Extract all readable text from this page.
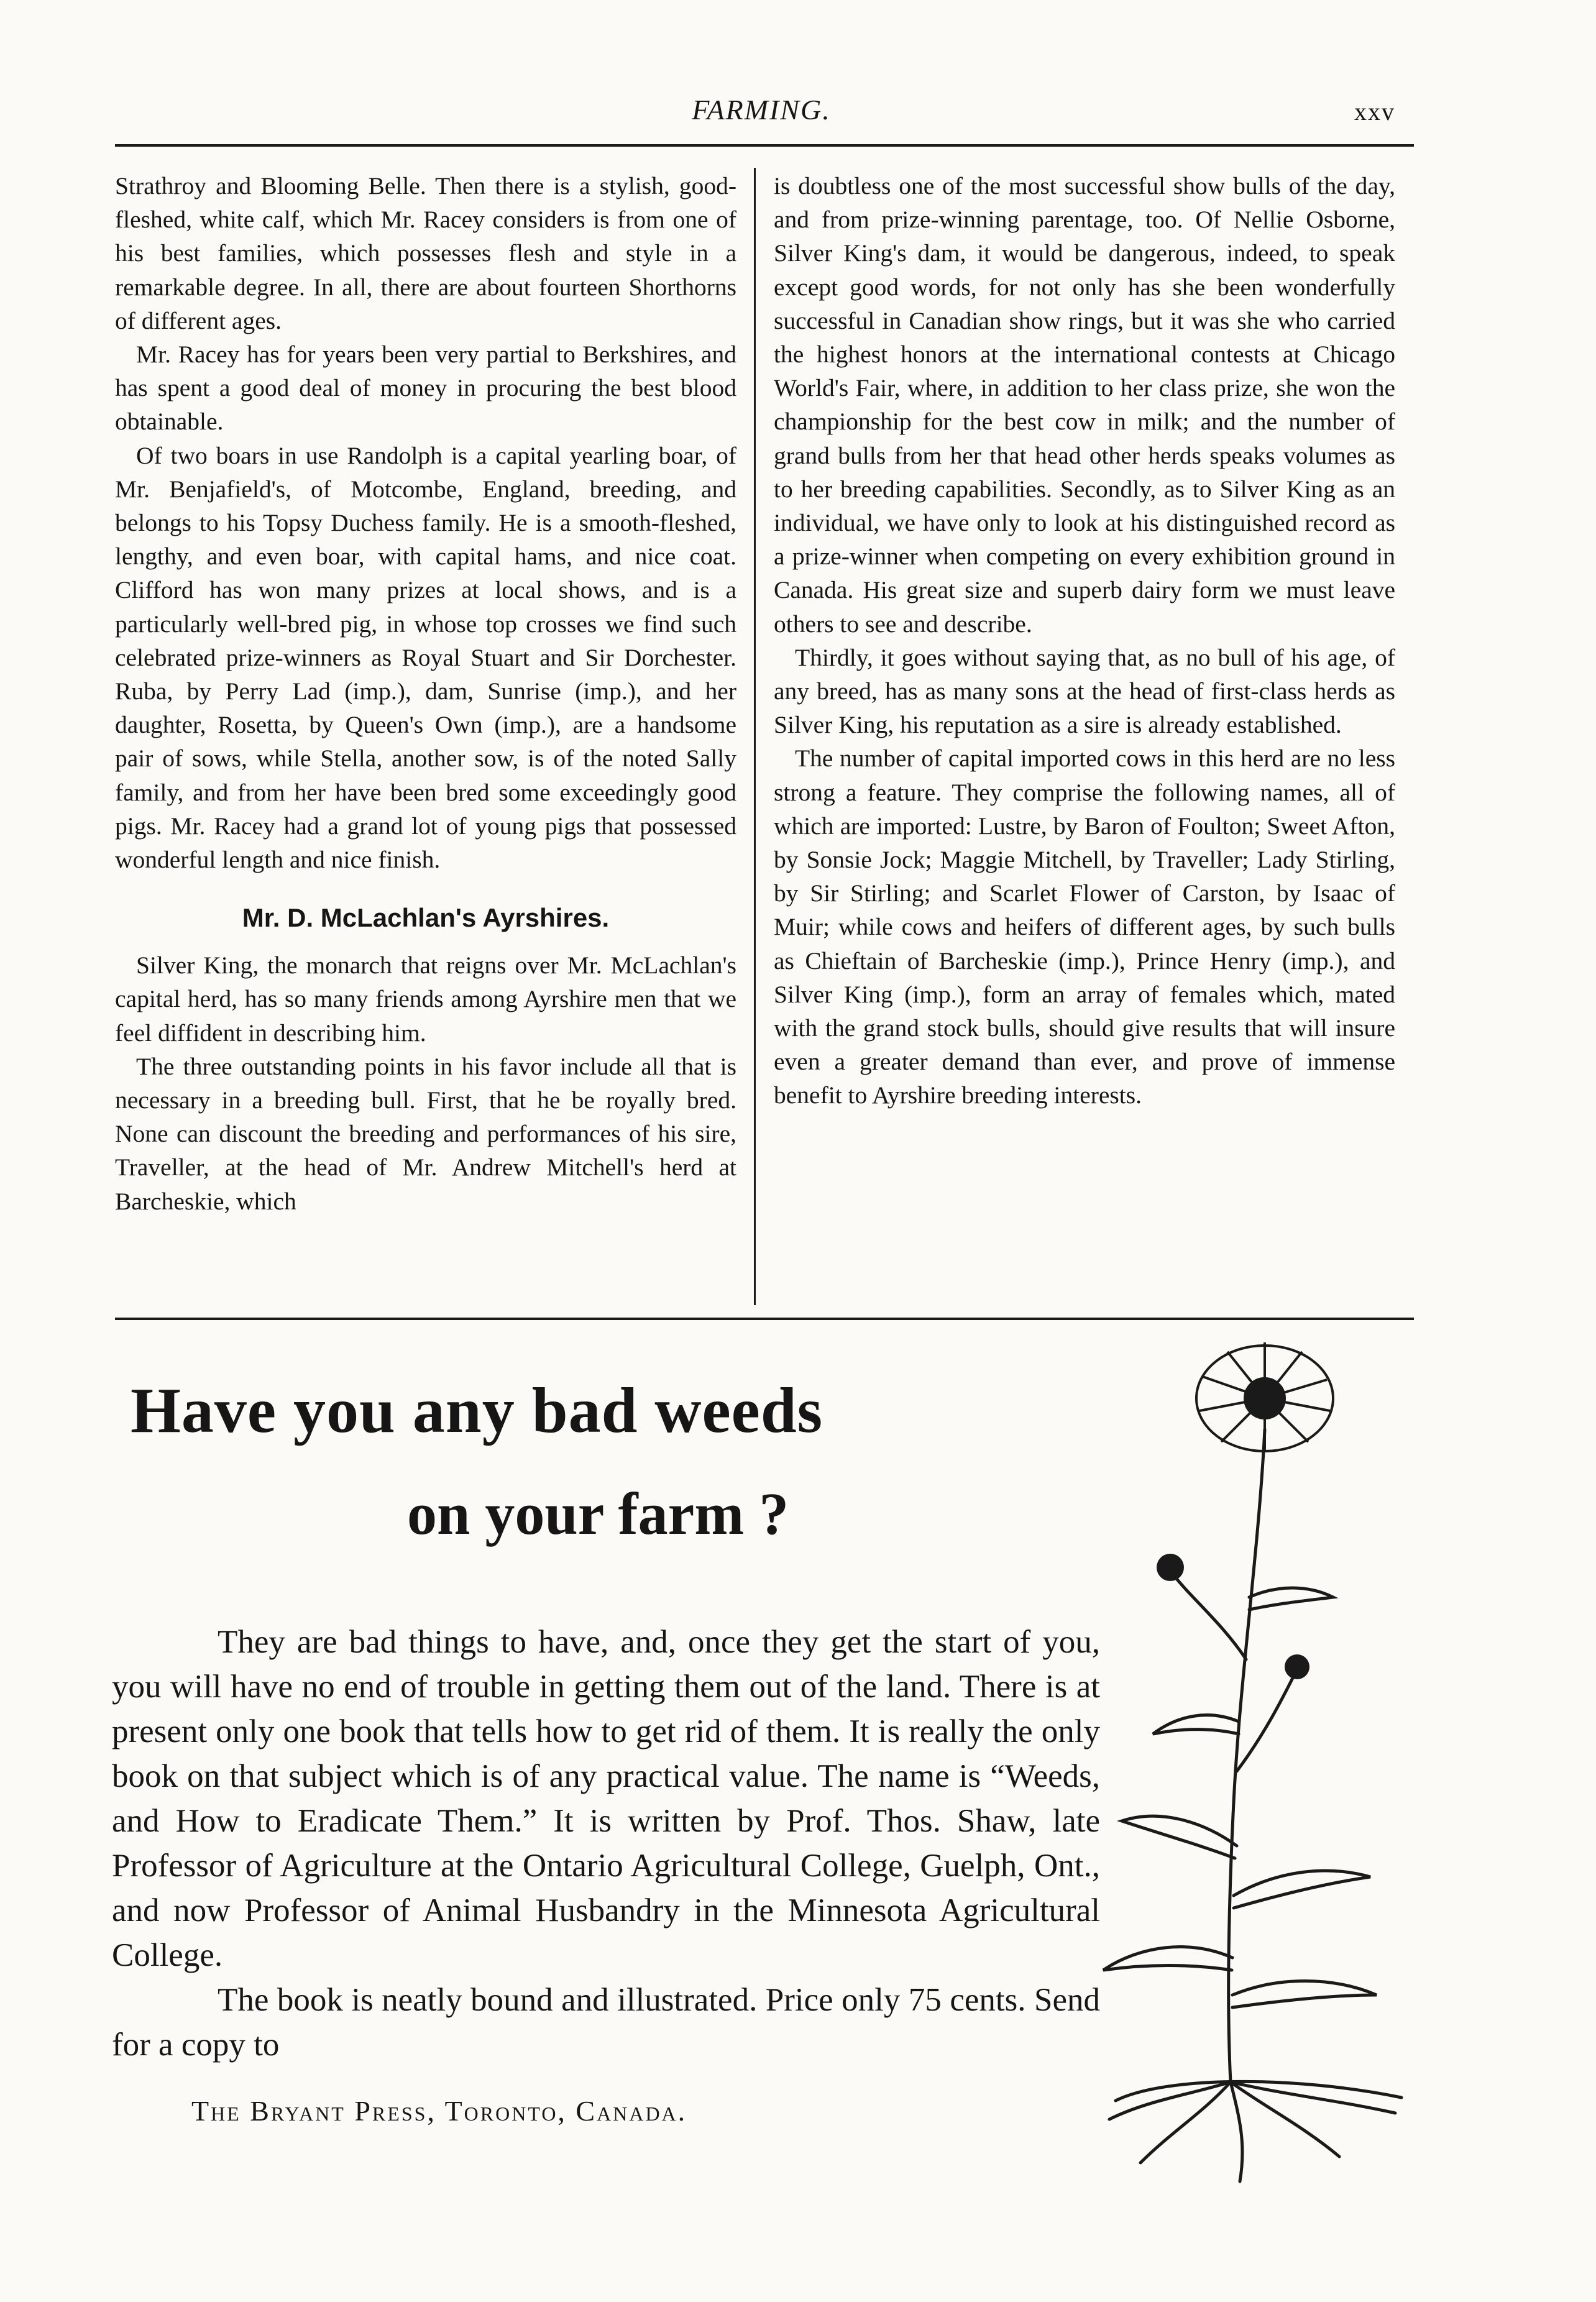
FARMING.	xxv

Strathroy and Blooming Belle. Then there is a stylish, good-fleshed, white calf, which Mr. Racey considers is from one of his best families, which possesses flesh and style in a remarkable degree. In all, there are about fourteen Shorthorns of different ages.

Mr. Racey has for years been very partial to Berkshires, and has spent a good deal of money in procuring the best blood obtainable.

Of two boars in use Randolph is a capital yearling boar, of Mr. Benjafield's, of Motcombe, England, breeding, and belongs to his Topsy Duchess family. He is a smooth-fleshed, lengthy, and even boar, with capital hams, and nice coat. Clifford has won many prizes at local shows, and is a particularly well-bred pig, in whose top crosses we find such celebrated prize-winners as Royal Stuart and Sir Dorchester. Ruba, by Perry Lad (imp.), dam, Sunrise (imp.), and her daughter, Rosetta, by Queen's Own (imp.), are a handsome pair of sows, while Stella, another sow, is of the noted Sally family, and from her have been bred some exceedingly good pigs. Mr. Racey had a grand lot of young pigs that possessed wonderful length and nice finish.

Mr. D. McLachlan's Ayrshires.

Silver King, the monarch that reigns over Mr. McLachlan's capital herd, has so many friends among Ayrshire men that we feel diffident in describing him.

The three outstanding points in his favor include all that is necessary in a breeding bull. First, that he be royally bred. None can discount the breeding and performances of his sire, Traveller, at the head of Mr. Andrew Mitchell's herd at Barcheskie, which

is doubtless one of the most successful show bulls of the day, and from prize-winning parentage, too. Of Nellie Osborne, Silver King's dam, it would be dangerous, indeed, to speak except good words, for not only has she been wonderfully successful in Canadian show rings, but it was she who carried the highest honors at the international contests at Chicago World's Fair, where, in addition to her class prize, she won the championship for the best cow in milk; and the number of grand bulls from her that head other herds speaks volumes as to her breeding capabilities. Secondly, as to Silver King as an individual, we have only to look at his distinguished record as a prize-winner when competing on every exhibition ground in Canada. His great size and superb dairy form we must leave others to see and describe.

Thirdly, it goes without saying that, as no bull of his age, of any breed, has as many sons at the head of first-class herds as Silver King, his reputation as a sire is already established.

The number of capital imported cows in this herd are no less strong a feature. They comprise the following names, all of which are imported: Lustre, by Baron of Foulton; Sweet Afton, by Sonsie Jock; Maggie Mitchell, by Traveller; Lady Stirling, by Sir Stirling; and Scarlet Flower of Carston, by Isaac of Muir; while cows and heifers of different ages, by such bulls as Chieftain of Barcheskie (imp.), Prince Henry (imp.), and Silver King (imp.), form an array of females which, mated with the grand stock bulls, should give results that will insure even a greater demand than ever, and prove of immense benefit to Ayrshire breeding interests.

Have you any bad weeds
on your farm ?

They are bad things to have, and, once they get the start of you, you will have no end of trouble in getting them out of the land. There is at present only one book that tells how to get rid of them. It is really the only book on that subject which is of any practical value. The name is “Weeds, and How to Eradicate Them.” It is written by Prof. Thos. Shaw, late Professor of Agriculture at the Ontario Agricultural College, Guelph, Ont., and now Professor of Animal Husbandry in the Minnesota Agricultural College.

The book is neatly bound and illustrated. Price only 75 cents. Send for a copy to

The Bryant Press, Toronto, Canada.
